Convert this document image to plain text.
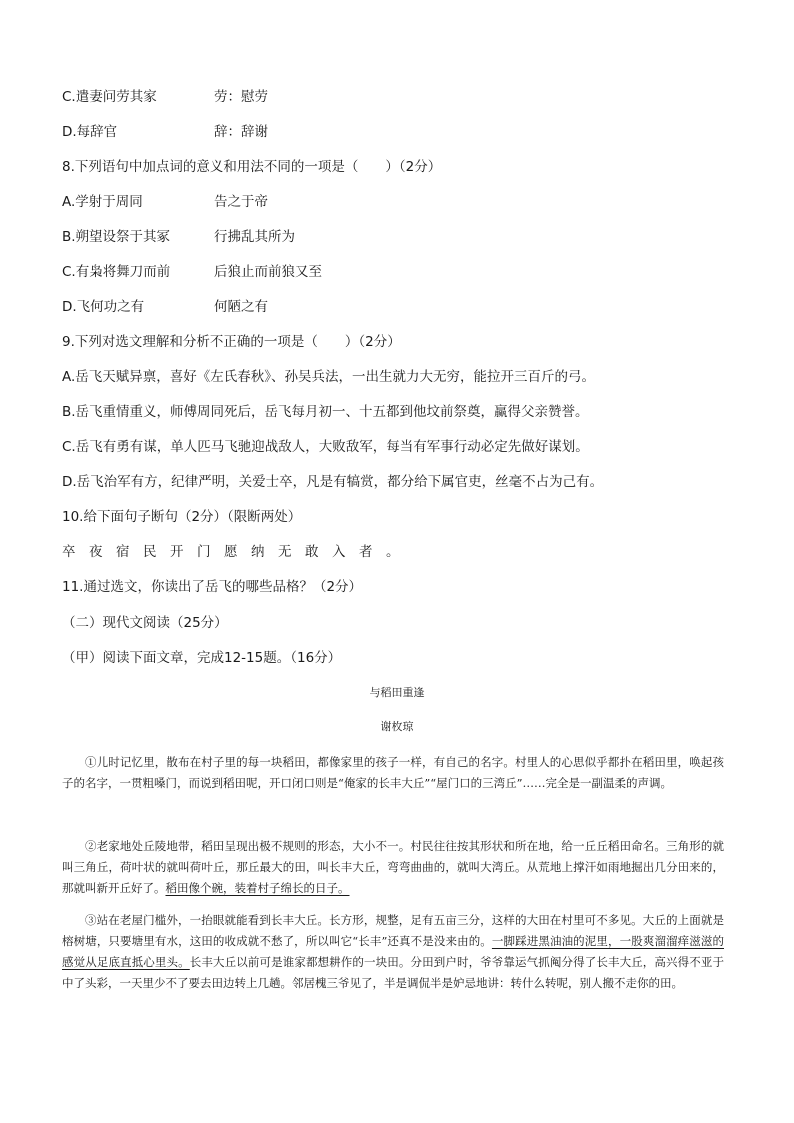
C.遣妻问劳其家	劳：慰劳
D.每辞官	辞：辞谢
8.下列语句中加点词的意义和用法不同的一项是（　　）（2分）
A.学射于周同	告之于帝
B.朔望设祭于其冢	行拂乱其所为
C.有枭将舞刀而前	后狼止而前狼又至
D.飞何功之有	何陋之有
9.下列对选文理解和分析不正确的一项是（　　）（2分）
A.岳飞天赋异禀，喜好《左氏春秋》、孙吴兵法，一出生就力大无穷，能拉开三百斤的弓。
B.岳飞重情重义，师傅周同死后，岳飞每月初一、十五都到他坟前祭奠，赢得父亲赞誉。
C.岳飞有勇有谋，单人匹马飞驰迎战敌人，大败敌军，每当有军事行动必定先做好谋划。
D.岳飞治军有方，纪律严明，关爱士卒，凡是有犒赏，都分给下属官吏，丝毫不占为己有。
10.给下面句子断句（2分）（限断两处）
卒夜宿民开门愿纳无敢入者。
11.通过选文，你读出了岳飞的哪些品格？（2分）
（二）现代文阅读（25分）
（甲）阅读下面文章，完成12-15题。（16分）
与稻田重逢
谢枚琼
①儿时记忆里，散布在村子里的每一块稻田，都像家里的孩子一样，有自己的名字。村里人的心思似乎都扑在稻田里，唤起孩子的名字，一贯粗嗓门，而说到稻田呢，开口闭口则是“俺家的长丰大丘”“屋门口的三湾丘”……完全是一副温柔的声调。
②老家地处丘陵地带，稻田呈现出极不规则的形态，大小不一。村民往往按其形状和所在地，给一丘丘稻田命名。三角形的就叫三角丘，荷叶状的就叫荷叶丘，那丘最大的田，叫长丰大丘，弯弯曲曲的，就叫大湾丘。从荒地上撑汗如雨地掘出几分田来的，那就叫新开丘好了。稻田像个碗，装着村子绵长的日子。
③站在老屋门槛外，一抬眼就能看到长丰大丘。长方形，规整，足有五亩三分，这样的大田在村里可不多见。大丘的上面就是榕树塘，只要塘里有水，这田的收成就不愁了，所以叫它“长丰”还真不是没来由的。一脚踩进黑油油的泥里，一股爽溜溜痒滋滋的感觉从足底直抵心里头。长丰大丘以前可是谁家都想耕作的一块田。分田到户时，爷爷靠运气抓阄分得了长丰大丘，高兴得不亚于中了头彩，一天里少不了要去田边转上几趟。邻居槐三爷见了，半是调侃半是妒忌地讲：转什么转呢，别人搬不走你的田。
